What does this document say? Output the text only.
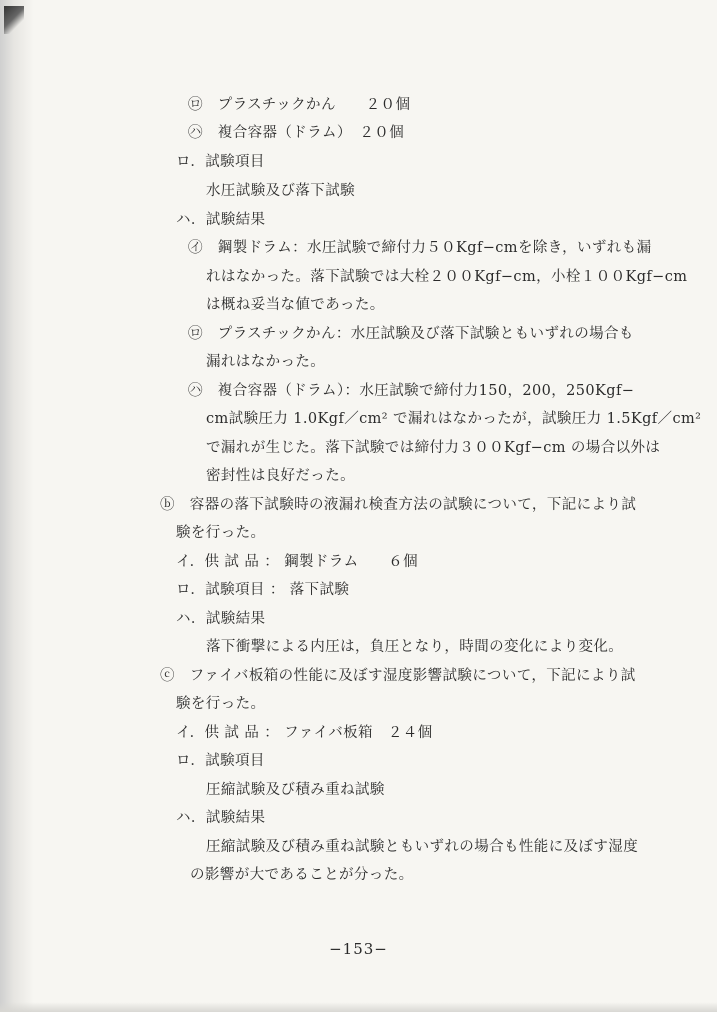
㋺　プラスチックかん　　２０個
㋩　複合容器（ドラム）　２０個
ロ．試験項目
水圧試験及び落下試験
ハ．試験結果
㋑　鋼製ドラム：水圧試験で締付力５０Kgf−cmを除き，いずれも漏
れはなかった。落下試験では大栓２００Kgf−cm，小栓１００Kgf−cm
は概ね妥当な値であった。
㋺　プラスチックかん：水圧試験及び落下試験ともいずれの場合も
漏れはなかった。
㋩　複合容器（ドラム）：水圧試験で締付力150，200，250Kgf−
cm試験圧力 1.0Kgf／cm² で漏れはなかったが，試験圧力 1.5Kgf／cm²
で漏れが生じた。落下試験では締付力３００Kgf−cm の場合以外は
密封性は良好だった。
ⓑ　容器の落下試験時の液漏れ検査方法の試験について，下記により試
験を行った。
イ．供 試 品 ： 鋼製ドラム　　６個
ロ．試験項目 ： 落下試験
ハ．試験結果
落下衝撃による内圧は，負圧となり，時間の変化により変化。
ⓒ　ファイバ板箱の性能に及ぼす湿度影響試験について，下記により試
験を行った。
イ．供 試 品 ： ファイバ板箱　２４個
ロ．試験項目
圧縮試験及び積み重ね試験
ハ．試験結果
圧縮試験及び積み重ね試験ともいずれの場合も性能に及ぼす湿度
の影響が大であることが分った。
−153−
